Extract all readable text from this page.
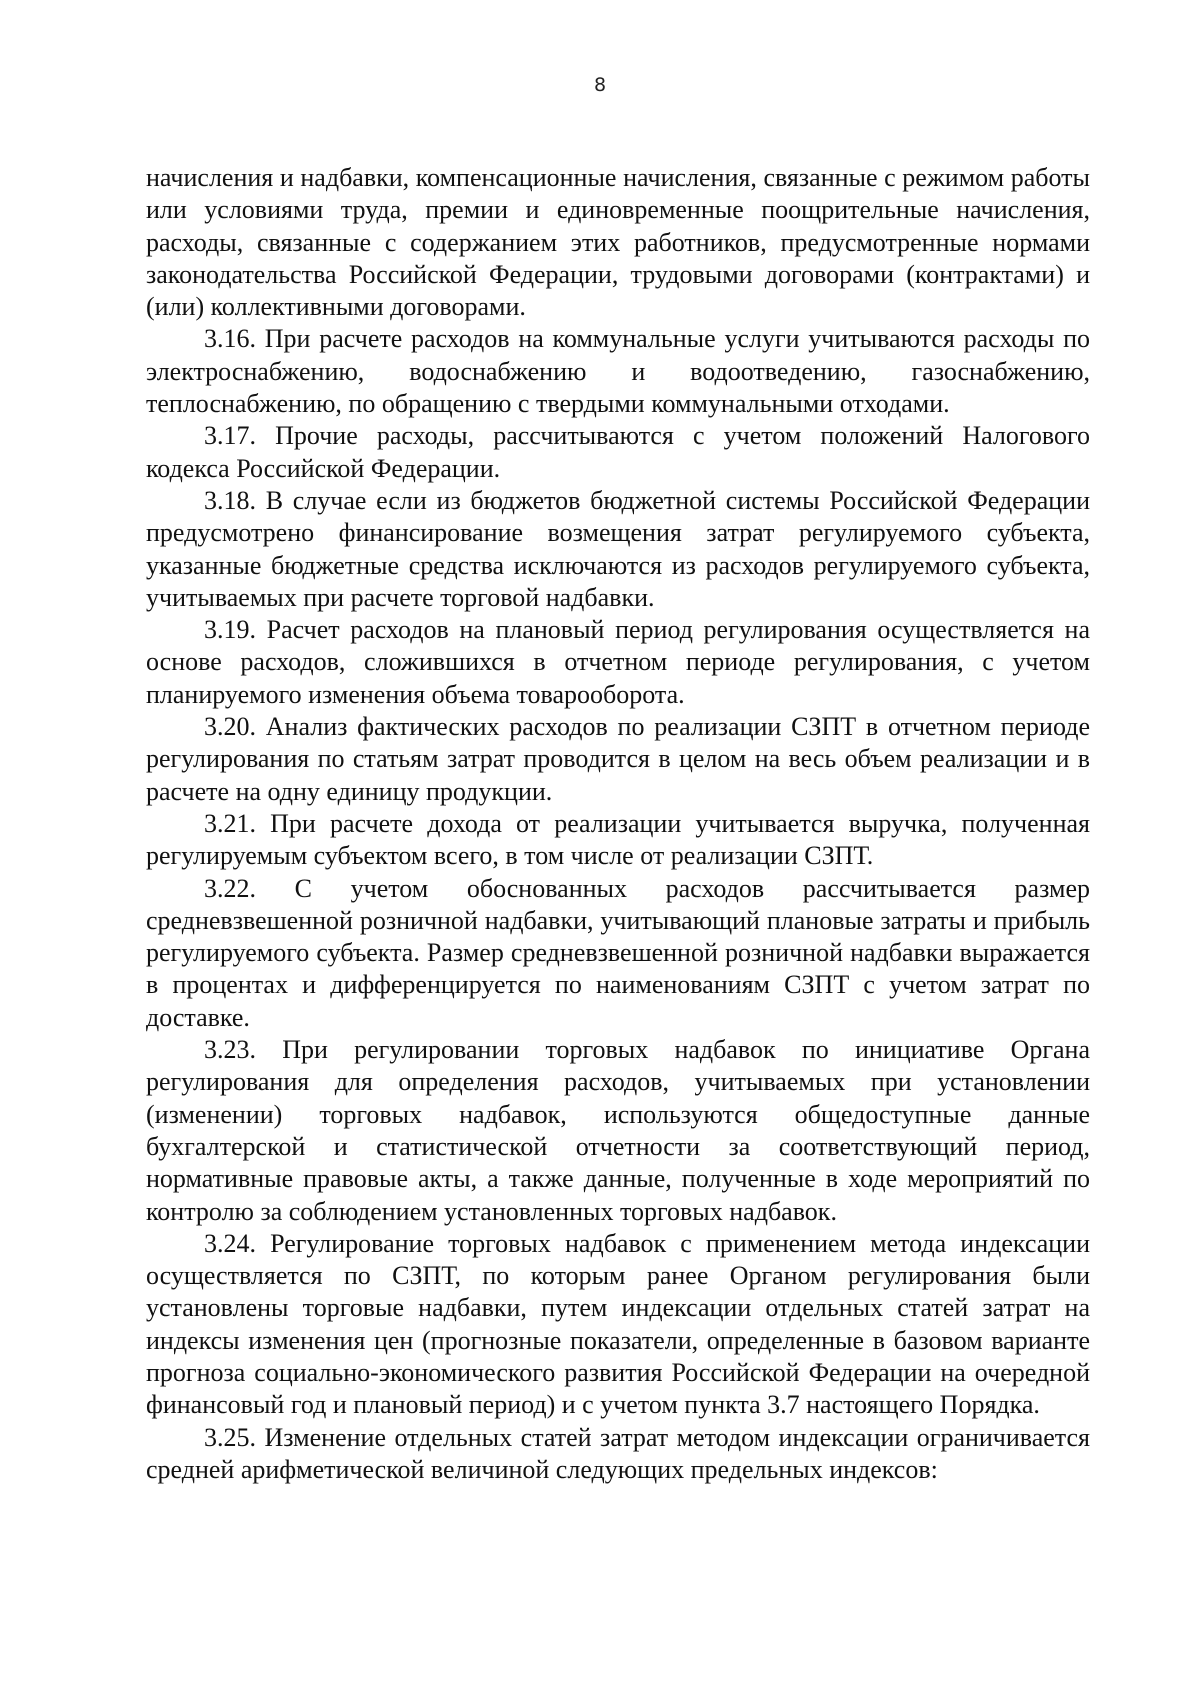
8

начисления и надбавки, компенсационные начисления, связанные с режимом работы или условиями труда, премии и единовременные поощрительные начисления, расходы, связанные с содержанием этих работников, предусмотренные нормами законодательства Российской Федерации, трудовыми договорами (контрактами) и (или) коллективными договорами.

3.16. При расчете расходов на коммунальные услуги учитываются расходы по электроснабжению, водоснабжению и водоотведению, газоснабжению, теплоснабжению, по обращению с твердыми коммунальными отходами.

3.17. Прочие расходы, рассчитываются с учетом положений Налогового кодекса Российской Федерации.

3.18. В случае если из бюджетов бюджетной системы Российской Федерации предусмотрено финансирование возмещения затрат регулируемого субъекта, указанные бюджетные средства исключаются из расходов регулируемого субъекта, учитываемых при расчете торговой надбавки.

3.19. Расчет расходов на плановый период регулирования осуществляется на основе расходов, сложившихся в отчетном периоде регулирования, с учетом планируемого изменения объема товарооборота.

3.20. Анализ фактических расходов по реализации СЗПТ в отчетном периоде регулирования по статьям затрат проводится в целом на весь объем реализации и в расчете на одну единицу продукции.

3.21. При расчете дохода от реализации учитывается выручка, полученная регулируемым субъектом всего, в том числе от реализации СЗПТ.

3.22. С учетом обоснованных расходов рассчитывается размер средневзвешенной розничной надбавки, учитывающий плановые затраты и прибыль регулируемого субъекта. Размер средневзвешенной розничной надбавки выражается в процентах и дифференцируется по наименованиям СЗПТ с учетом затрат по доставке.

3.23. При регулировании торговых надбавок по инициативе Органа регулирования для определения расходов, учитываемых при установлении (изменении) торговых надбавок, используются общедоступные данные бухгалтерской и статистической отчетности за соответствующий период, нормативные правовые акты, а также данные, полученные в ходе мероприятий по контролю за соблюдением установленных торговых надбавок.

3.24. Регулирование торговых надбавок с применением метода индексации осуществляется по СЗПТ, по которым ранее Органом регулирования были установлены торговые надбавки, путем индексации отдельных статей затрат на индексы изменения цен (прогнозные показатели, определенные в базовом варианте прогноза социально-экономического развития Российской Федерации на очередной финансовый год и плановый период) и с учетом пункта 3.7 настоящего Порядка.

3.25. Изменение отдельных статей затрат методом индексации ограничивается средней арифметической величиной следующих предельных индексов:
